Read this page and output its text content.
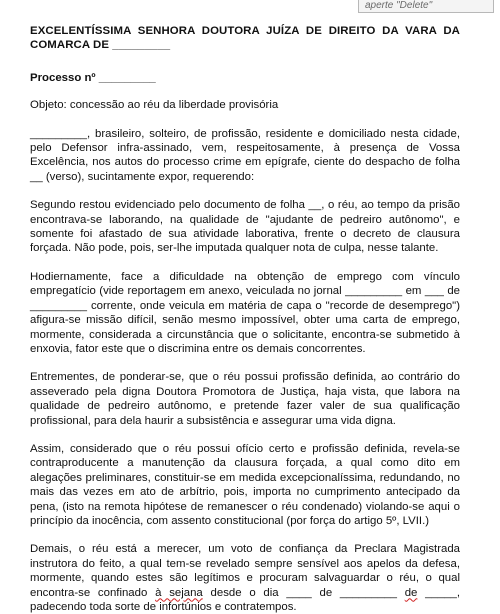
aperte "Delete"

EXCELENTÍSSIMA SENHORA DOUTORA JUÍZA DE DIREITO DA VARA DA COMARCA DE _________

Processo nº _________

Objeto: concessão ao réu da liberdade provisória

_________, brasileiro, solteiro, de profissão, residente e domiciliado nesta cidade, pelo Defensor infra-assinado, vem, respeitosamente, à presença de Vossa Excelência, nos autos do processo crime em epígrafe, ciente do despacho de folha __ (verso), sucintamente expor, requerendo:

Segundo restou evidenciado pelo documento de folha __, o réu, ao tempo da prisão encontrava-se laborando, na qualidade de "ajudante de pedreiro autônomo", e somente foi afastado de sua atividade laborativa, frente o decreto de clausura forçada. Não pode, pois, ser-lhe imputada qualquer nota de culpa, nesse talante.

Hodiernamente, face a dificuldade na obtenção de emprego com vínculo empregatício (vide reportagem em anexo, veiculada no jornal _________ em ___ de _________ corrente, onde veicula em matéria de capa o "recorde de desemprego") afigura-se missão difícil, senão mesmo impossível, obter uma carta de emprego, mormente, considerada a circunstância que o solicitante, encontra-se submetido à enxovia, fator este que o discrimina entre os demais concorrentes.

Entrementes, de ponderar-se, que o réu possui profissão definida, ao contrário do asseverado pela digna Doutora Promotora de Justiça, haja vista, que labora na qualidade de pedreiro autônomo, e pretende fazer valer de sua qualificação profissional, para dela haurir a subsistência e assegurar uma vida digna.

Assim, considerado que o réu possui ofício certo e profissão definida, revela-se contraproducente a manutenção da clausura forçada, a qual como dito em alegações preliminares, constituir-se em medida excepcionalíssima, redundando, no mais das vezes em ato de arbítrio, pois, importa no cumprimento antecipado da pena, (isto na remota hipótese de remanescer o réu condenado) violando-se aqui o princípio da inocência, com assento constitucional (por força do artigo 5º, LVII.)

Demais, o réu está a merecer, um voto de confiança da Preclara Magistrada instrutora do feito, a qual tem-se revelado sempre sensível aos apelos da defesa, mormente, quando estes são legítimos e procuram salvaguardar o réu, o qual encontra-se confinado à sejana desde o dia ____ de _________ de _____, padecendo toda sorte de infortúnios e contratempos.
